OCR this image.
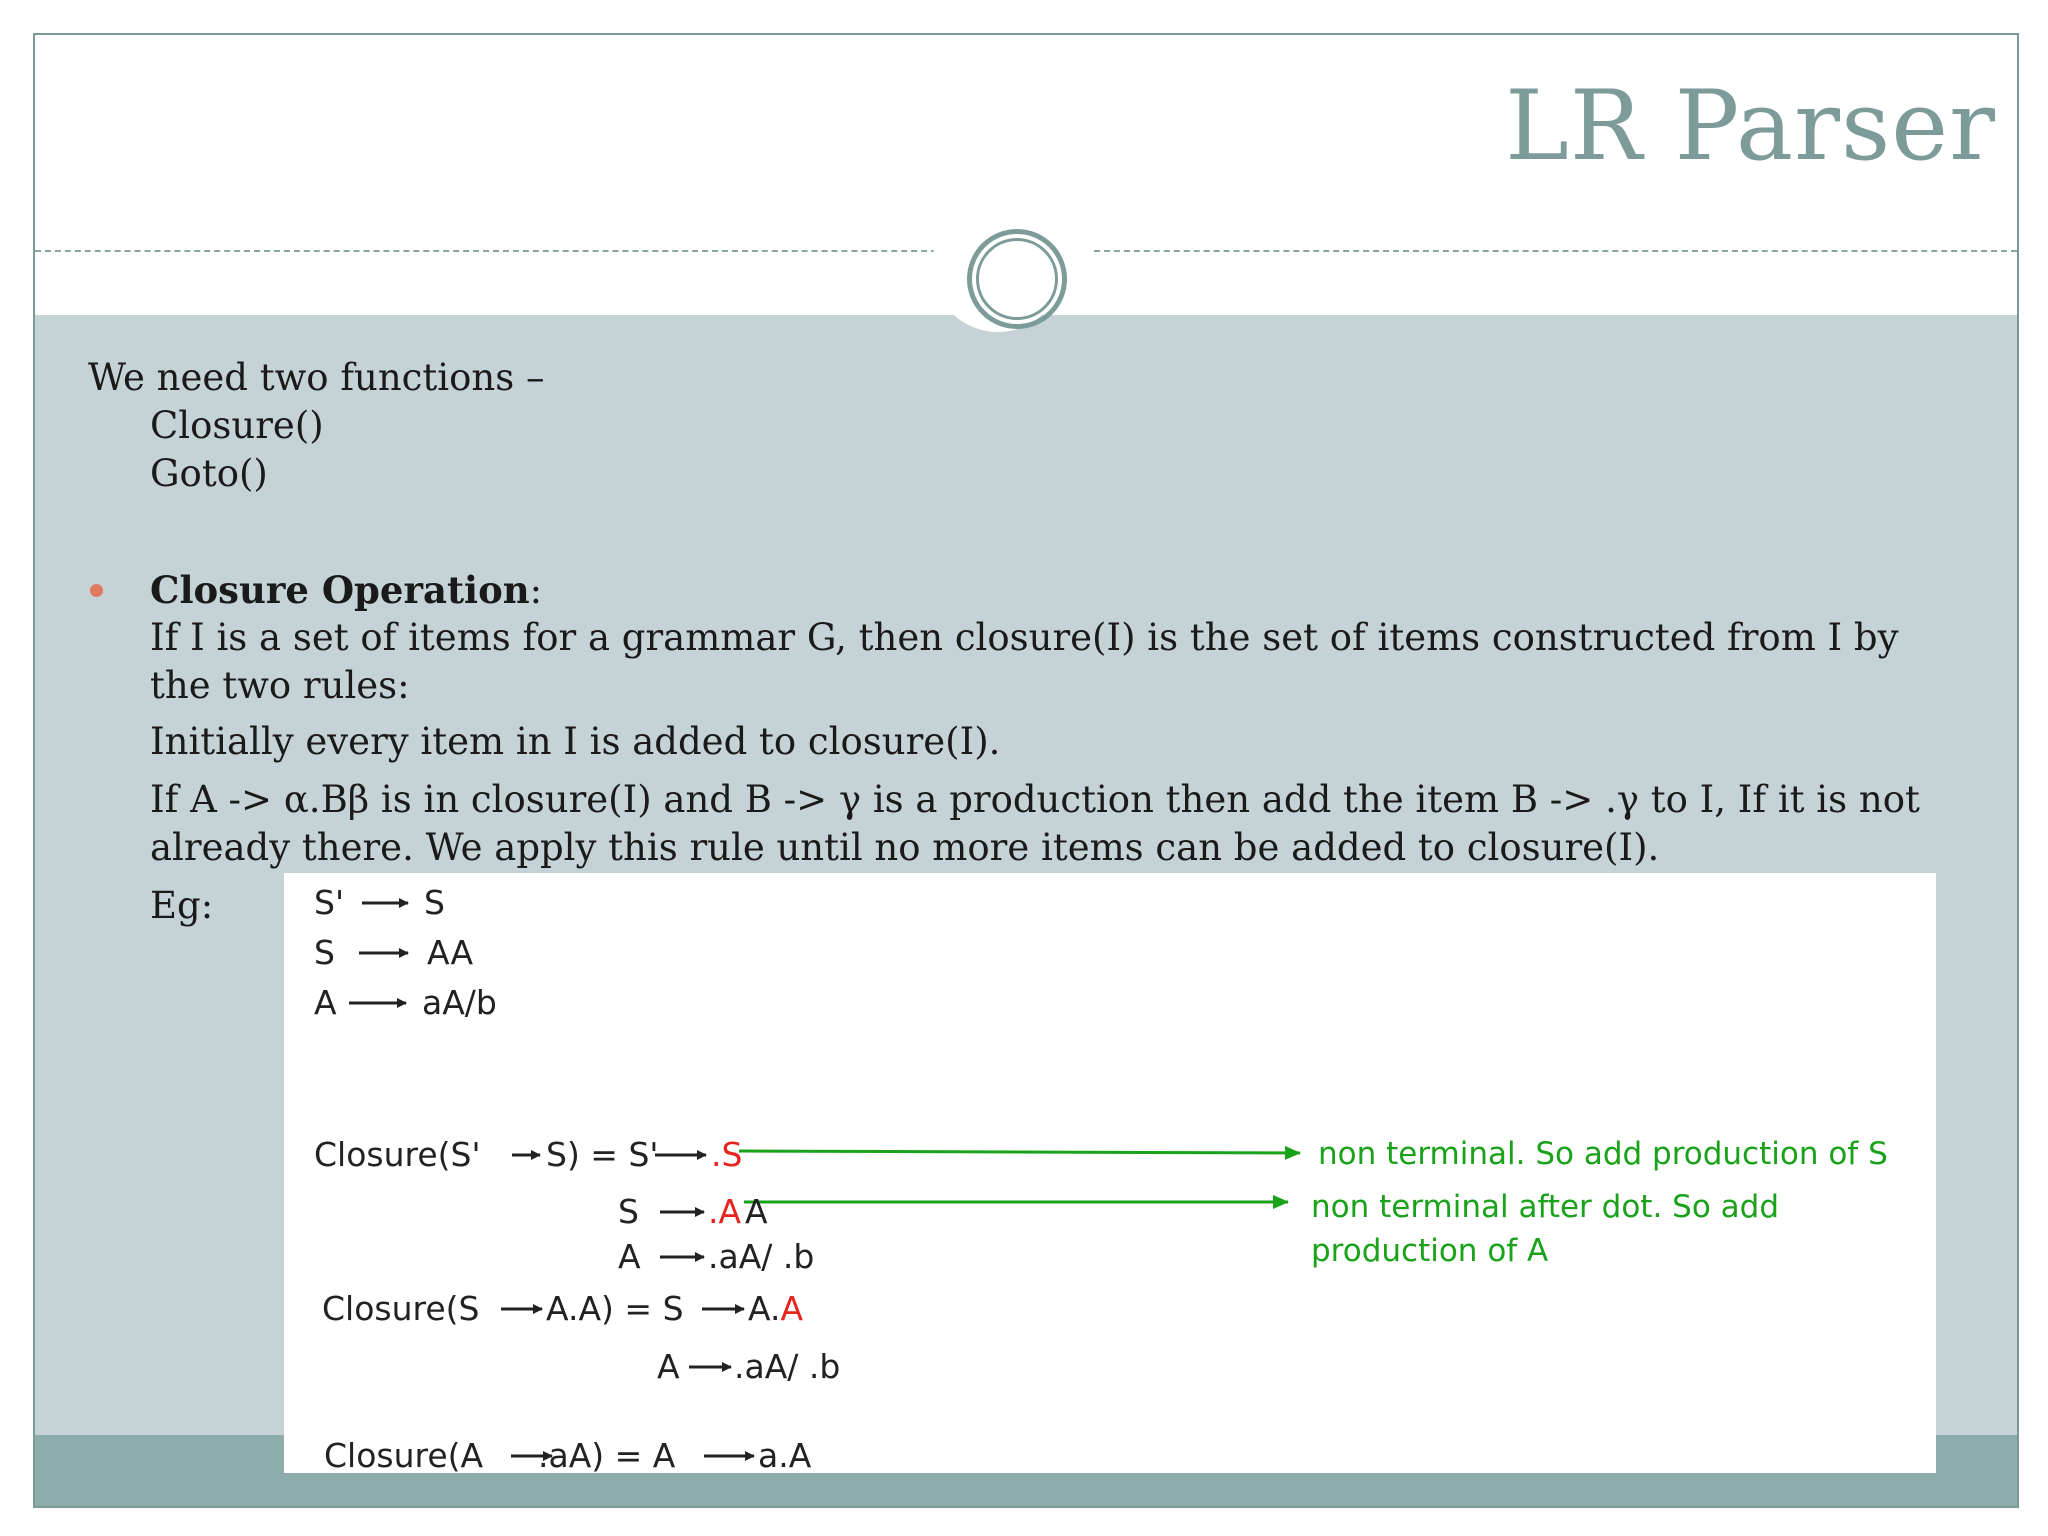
LR Parser
We need two functions –
Closure()
Goto()
Closure Operation:
If I is a set of items for a grammar G, then closure(I) is the set of items constructed from I by the two rules:
Initially every item in I is added to closure(I).
If A -> α.Bβ is in closure(I) and B -> γ is a production then add the item B -> .γ to I, If it is not already there. We apply this rule until no more items can be added to closure(I).
Eg:	S' S
S	AA
A	aA/b
Closure(S' S) = S' .S
S .A A
A .aA/ .b
Closure(S A.A) = S A.A
A .aA/ .b
Closure(A .aA) = A	a.A
non terminal. So add production of S
non terminal after dot. So add
production of A
